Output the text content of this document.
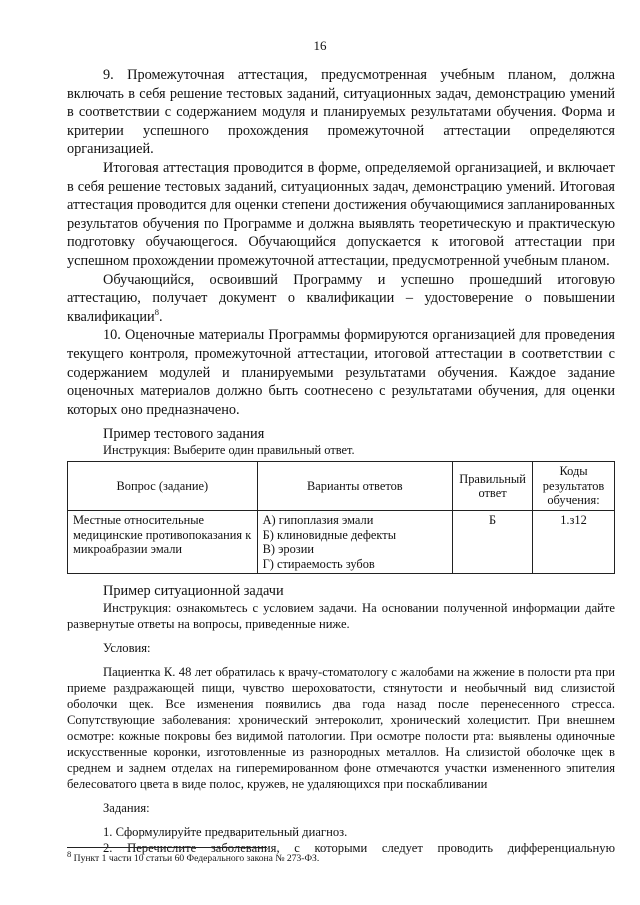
16

9. Промежуточная аттестация, предусмотренная учебным планом, должна включать в себя решение тестовых заданий, ситуационных задач, демонстрацию умений в соответствии с содержанием модуля и планируемых результатами обучения. Форма и критерии успешного прохождения промежуточной аттестации определяются организацией.

Итоговая аттестация проводится в форме, определяемой организацией, и включает в себя решение тестовых заданий, ситуационных задач, демонстрацию умений. Итоговая аттестация проводится для оценки степени достижения обучающимися запланированных результатов обучения по Программе и должна выявлять теоретическую и практическую подготовку обучающегося. Обучающийся допускается к итоговой аттестации при успешном прохождении промежуточной аттестации, предусмотренной учебным планом.

Обучающийся, освоивший Программу и успешно прошедший итоговую аттестацию, получает документ о квалификации – удостоверение о повышении квалификации$^8$.

10. Оценочные материалы Программы формируются организацией для проведения текущего контроля, промежуточной аттестации, итоговой аттестации в соответствии с содержанием модулей и планируемыми результатами обучения. Каждое задание оценочных материалов должно быть соотнесено с результатами обучения, для оценки которых оно предназначено.

Пример тестового задания
Инструкция: Выберите один правильный ответ.
Вопрос (задание)	Варианты ответов	Правильный ответ	Коды результатов обучения:
Местные относительные медицинские противопоказания к микроабразии эмали	А) гипоплазия эмали
Б) клиновидные дефекты
В) эрозии
Г) стираемость зубов	Б	1.з12
Пример ситуационной задачи

Инструкция: ознакомьтесь с условием задачи. На основании полученной информации дайте развернутые ответы на вопросы, приведенные ниже.

Условия:

Пациентка К. 48 лет обратилась к врачу-стоматологу с жалобами на жжение в полости рта при приеме раздражающей пищи, чувство шероховатости, стянутости и необычный вид слизистой оболочки щек. Все изменения появились два года назад после перенесенного стресса. Сопутствующие заболевания: хронический энтероколит, хронический холецистит. При внешнем осмотре: кожные покровы без видимой патологии. При осмотре полости рта: выявлены одиночные искусственные коронки, изготовленные из разнородных металлов. На слизистой оболочке щек в среднем и заднем отделах на гиперемированном фоне отмечаются участки измененного эпителия белесоватого цвета в виде полос, кружев, не удаляющихся при поскабливании

Задания:
1. Сформулируйте предварительный диагноз.
2. Перечислите заболевания, с которыми следует проводить дифференциальную
$^8$ Пункт 1 части 10 статьи 60 Федерального закона № 273-ФЗ.
